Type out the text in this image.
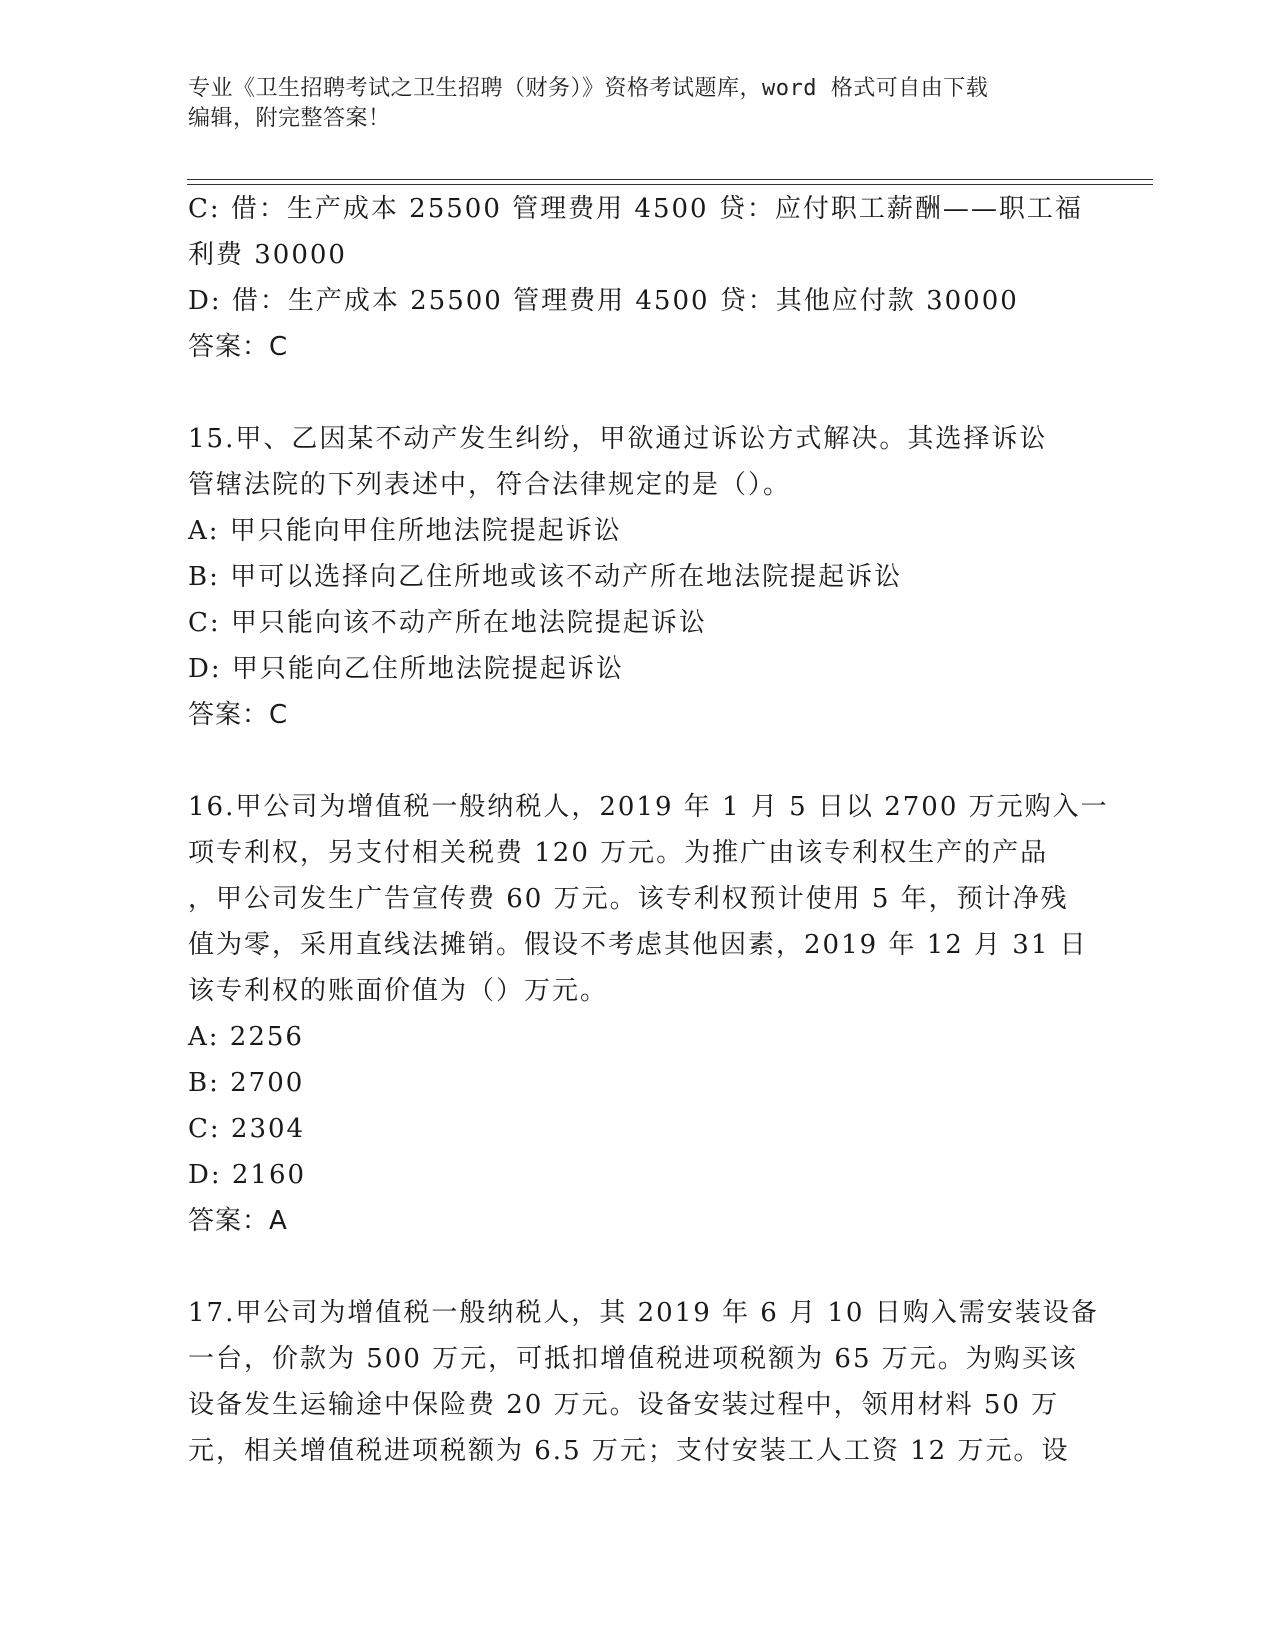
专业《卫生招聘考试之卫生招聘（财务）》资格考试题库，word 格式可自由下载

编辑，附完整答案！

C: 借：生产成本 25500 管理费用 4500 贷：应付职工薪酬——职工福
利费 30000
D: 借：生产成本 25500 管理费用 4500 贷：其他应付款 30000
答案：C
15.甲、乙因某不动产发生纠纷，甲欲通过诉讼方式解决。其选择诉讼
管辖法院的下列表述中，符合法律规定的是（）。
A: 甲只能向甲住所地法院提起诉讼
B: 甲可以选择向乙住所地或该不动产所在地法院提起诉讼
C: 甲只能向该不动产所在地法院提起诉讼
D: 甲只能向乙住所地法院提起诉讼
答案：C
16.甲公司为增值税一般纳税人，2019 年 1 月 5 日以 2700 万元购入一
项专利权，另支付相关税费 120 万元。为推广由该专利权生产的产品
，甲公司发生广告宣传费 60 万元。该专利权预计使用 5 年，预计净残
值为零，采用直线法摊销。假设不考虑其他因素，2019 年 12 月 31 日
该专利权的账面价值为（）万元。
A: 2256
B: 2700
C: 2304
D: 2160
答案：A
17.甲公司为增值税一般纳税人，其 2019 年 6 月 10 日购入需安装设备
一台，价款为 500 万元，可抵扣增值税进项税额为 65 万元。为购买该
设备发生运输途中保险费 20 万元。设备安装过程中，领用材料 50 万
元，相关增值税进项税额为 6.5 万元；支付安装工人工资 12 万元。设
